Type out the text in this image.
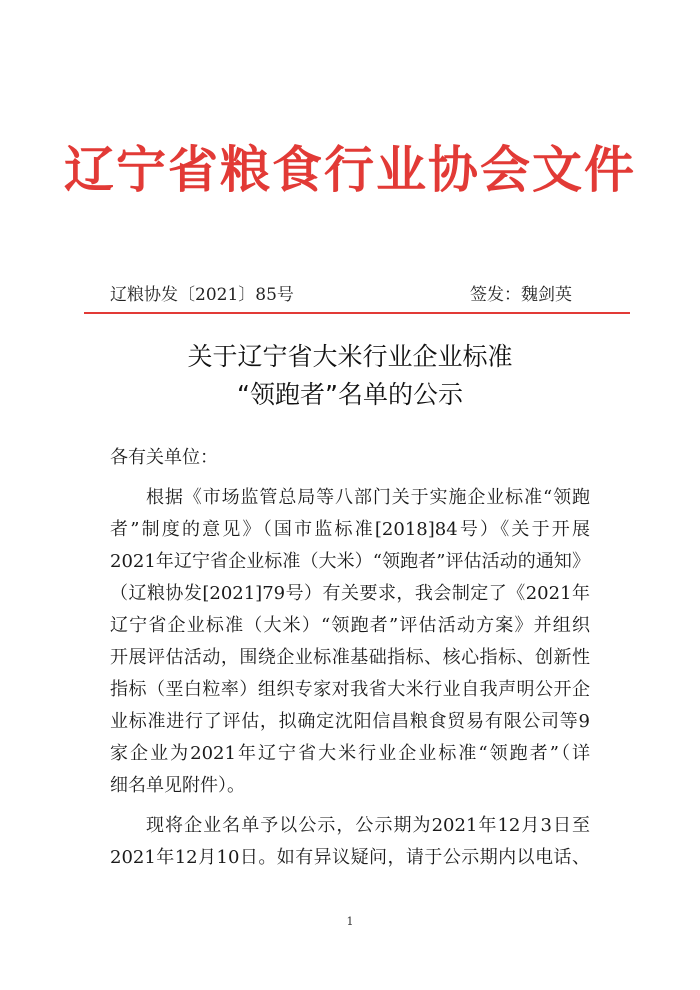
辽宁省粮食行业协会文件
辽粮协发〔2021〕85号	签发：魏剑英
关于辽宁省大米行业企业标准
“领跑者”名单的公示
各有关单位：
根据《市场监管总局等八部门关于实施企业标准“领跑
者”制度的意见》（国市监标准[2018]84号）《关于开展
2021年辽宁省企业标准（大米）“领跑者”评估活动的通知》
（辽粮协发[2021]79号）有关要求，我会制定了《2021年
辽宁省企业标准（大米）“领跑者”评估活动方案》并组织
开展评估活动，围绕企业标准基础指标、核心指标、创新性
指标（垩白粒率）组织专家对我省大米行业自我声明公开企
业标准进行了评估，拟确定沈阳信昌粮食贸易有限公司等9
家企业为2021年辽宁省大米行业企业标准“领跑者”（详
细名单见附件）。
现将企业名单予以公示，公示期为2021年12月3日至
2021年12月10日。如有异议疑问，请于公示期内以电话、
1
